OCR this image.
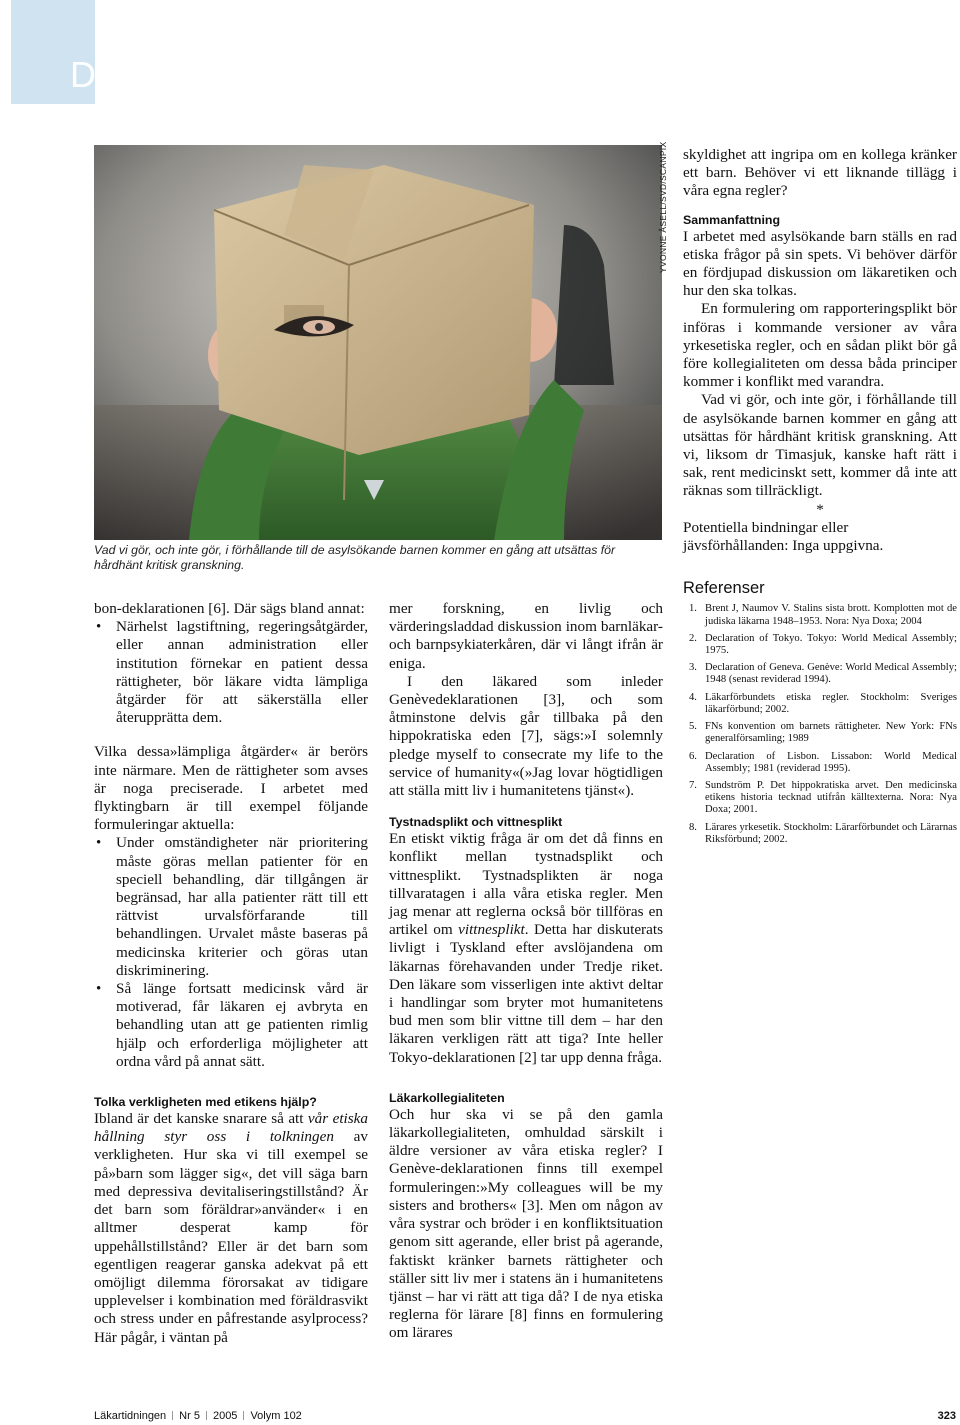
Debatt
YVONNE ÅSELL/SVD/SCANPIX
Vad vi gör, och inte gör, i förhållande till de asylsökande barnen kommer en gång att utsättas för hårdhänt kritisk granskning.

bon-deklarationen [6]. Där sägs bland annat:

• Närhelst lagstiftning, regeringsåtgärder, eller annan administration eller institution förnekar en patient dessa rättigheter, bör läkare vidta lämpliga åtgärder för att säkerställa eller återupprätta dem.

Vilka dessa»lämpliga åtgärder« är berörs inte närmare. Men de rättigheter som avses är noga preciserade. I arbetet med flyktingbarn är till exempel följande formuleringar aktuella:

• Under omständigheter när prioritering måste göras mellan patienter för en speciell behandling, där tillgången är begränsad, har alla patienter rätt till ett rättvist urvalsförfarande till behandlingen. Urvalet måste baseras på medicinska kriterier och göras utan diskriminering.
• Så länge fortsatt medicinsk vård är motiverad, får läkaren ej avbryta en behandling utan att ge patienten rimlig hjälp och erforderliga möjligheter att ordna vård på annat sätt.
Tolka verkligheten med etikens hjälp?

Ibland är det kanske snarare så att vår etiska hållning styr oss i tolkningen av verkligheten. Hur ska vi till exempel se på»barn som lägger sig«, det vill säga barn med depressiva devitaliseringstillstånd? Är det barn som föräldrar»använder« i en alltmer desperat kamp för uppehållstillstånd? Eller är det barn som egentligen reagerar ganska adekvat på ett omöjligt dilemma förorsakat av tidigare upplevelser i kombination med föräldrasvikt och stress under en påfrestande asylprocess? Här pågår, i väntan på

mer forskning, en livlig och värderingsladdad diskussion inom barnläkar- och barnpsykiaterkåren, där vi långt ifrån är eniga.

I den läkared som inleder Genèvedeklarationen [3], och som åtminstone delvis går tillbaka på den hippokratiska eden [7], sägs:»I solemnly pledge myself to consecrate my life to the service of humanity«(»Jag lovar högtidligen att ställa mitt liv i humanitetens tjänst«).

Tystnadsplikt och vittnesplikt

En etiskt viktig fråga är om det då finns en konflikt mellan tystnadsplikt och vittnesplikt. Tystnadsplikten är noga tillvaratagen i alla våra etiska regler. Men jag menar att reglerna också bör tillföras en artikel om vittnesplikt. Detta har diskuterats livligt i Tyskland efter avslöjandena om läkarnas förehavanden under Tredje riket. Den läkare som visserligen inte aktivt deltar i handlingar som bryter mot humanitetens bud men som blir vittne till dem – har den läkaren verkligen rätt att tiga? Inte heller Tokyo-deklarationen [2] tar upp denna fråga.

Läkarkollegialiteten

Och hur ska vi se på den gamla läkarkollegialiteten, omhuldad särskilt i äldre versioner av våra etiska regler? I Genève-deklarationen finns till exempel formuleringen:»My colleagues will be my sisters and brothers« [3]. Men om någon av våra systrar och bröder i en konfliktsituation genom sitt agerande, eller brist på agerande, faktiskt kränker barnets rättigheter och ställer sitt liv mer i statens än i humanitetens tjänst – har vi rätt att tiga då? I de nya etiska reglerna för lärare [8] finns en formulering om lärares

skyldighet att ingripa om en kollega kränker ett barn. Behöver vi ett liknande tillägg i våra egna regler?

Sammanfattning

I arbetet med asylsökande barn ställs en rad etiska frågor på sin spets. Vi behöver därför en fördjupad diskussion om läkaretiken och hur den ska tolkas.

En formulering om rapporteringsplikt bör införas i kommande versioner av våra yrkesetiska regler, och en sådan plikt bör gå före kollegialiteten om dessa båda principer kommer i konflikt med varandra.

Vad vi gör, och inte gör, i förhållande till de asylsökande barnen kommer en gång att utsättas för hårdhänt kritisk granskning. Att vi, liksom dr Timasjuk, kanske haft rätt i sak, rent medicinskt sett, kommer då inte att räknas som tillräckligt.

*

Potentiella bindningar eller jävsförhållanden: Inga uppgivna.

Referenser
1. Brent J, Naumov V. Stalins sista brott. Komplotten mot de judiska läkarna 1948–1953. Nora: Nya Doxa; 2004
2. Declaration of Tokyo. Tokyo: World Medical Assembly; 1975.
3. Declaration of Geneva. Genève: World Medical Assembly; 1948 (senast reviderad 1994).
4. Läkarförbundets etiska regler. Stockholm: Sveriges läkarförbund; 2002.
5. FNs konvention om barnets rättigheter. New York: FNs generalförsamling; 1989
6. Declaration of Lisbon. Lissabon: World Medical Assembly; 1981 (reviderad 1995).
7. Sundström P. Det hippokratiska arvet. Den medicinska etikens historia tecknad utifrån källtexterna. Nora: Nya Doxa; 2001.
8. Lärares yrkesetik. Stockholm: Lärarförbundet och Lärarnas Riksförbund; 2002.
Läkartidningen Nr 5 2005 Volym 102	323
